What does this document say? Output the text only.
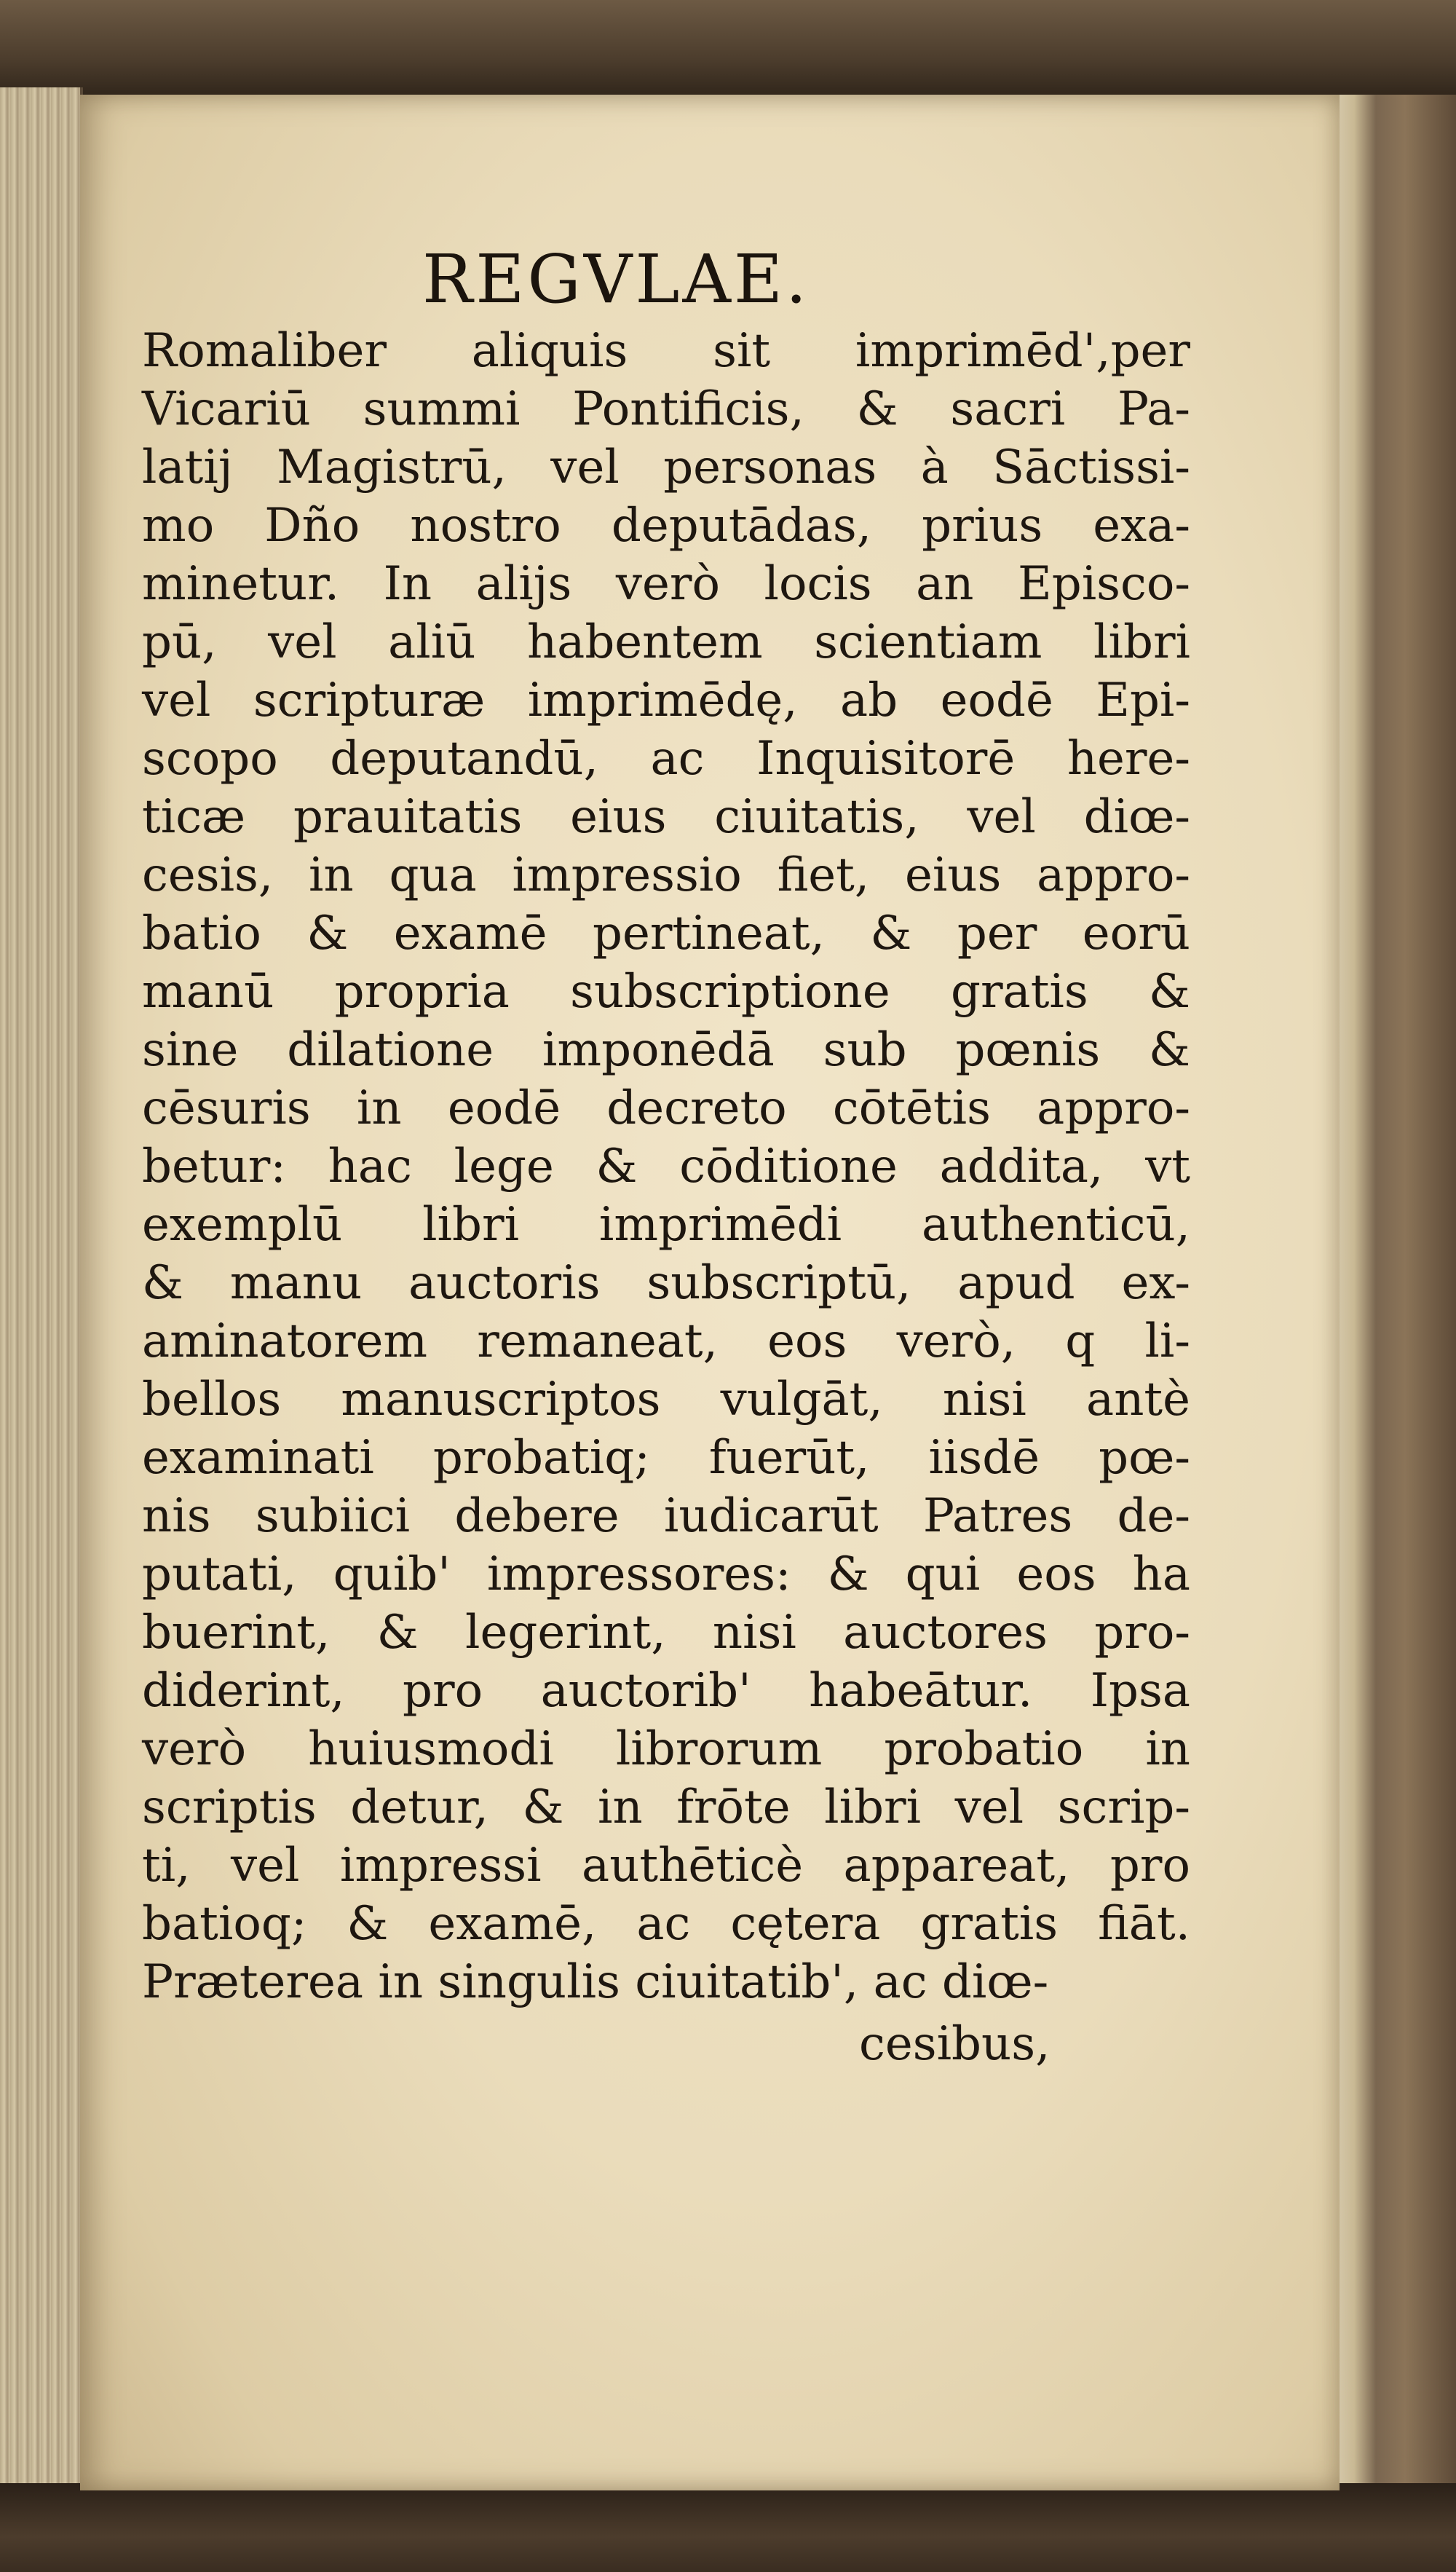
REGVLAE.
Romaliber aliquis sit imprimēd',per
Vicariū summi Pontificis, & sacri Pa-
latij Magistrū, vel personas à Sāctissi-
mo Dño nostro deputādas, prius exa-
minetur. In alijs verò locis an Episco-
pū, vel aliū habentem scientiam libri
vel scripturæ imprimēdę, ab eodē Epi-
scopo deputandū, ac Inquisitorē here-
ticæ prauitatis eius ciuitatis, vel diœ-
cesis, in qua impressio fiet, eius appro-
batio & examē pertineat, & per eorū
manū propria subscriptione gratis &
sine dilatione imponēdā sub pœnis &
cēsuris in eodē decreto cōtētis appro-
betur: hac lege & cōditione addita, vt
exemplū libri imprimēdi authenticū,
& manu auctoris subscriptū, apud ex-
aminatorem remaneat, eos verò, q li-
bellos manuscriptos vulgāt, nisi antè
examinati probatiq; fuerūt, iisdē pœ-
nis subiici debere iudicarūt Patres de-
putati, quib' impressores: & qui eos ha
buerint, & legerint, nisi auctores pro-
diderint, pro auctorib' habeātur. Ipsa
verò huiusmodi librorum probatio in
scriptis detur, & in frōte libri vel scrip-
ti, vel impressi authēticè appareat, pro
batioq; & examē, ac cętera gratis fiāt.
Præterea in singulis ciuitatib', ac diœ-
cesibus,
